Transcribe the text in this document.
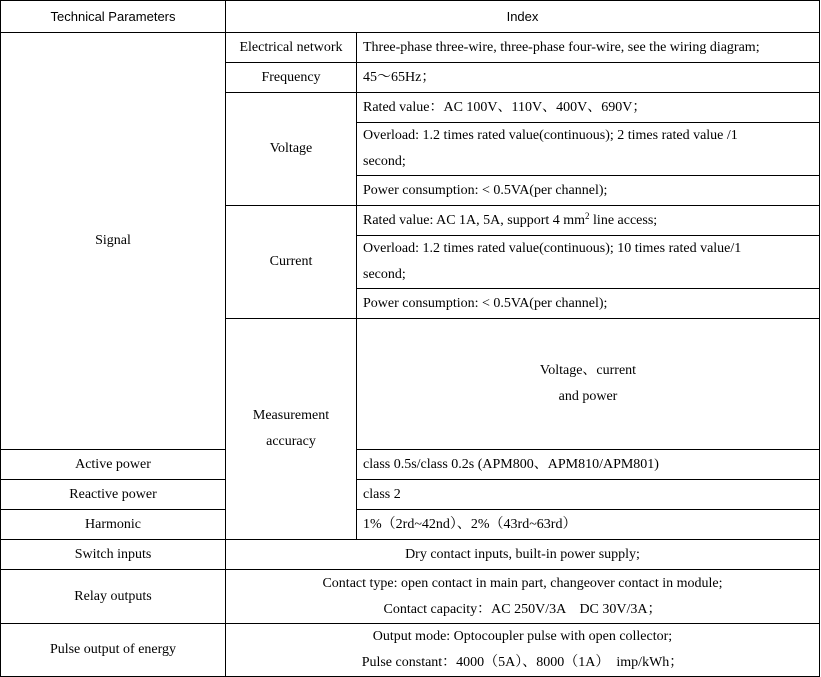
Technical Parameters	Index		
Signal	Electrical network	Three-phase three-wire, three-phase four-wire, see the wiring diagram;	
	Frequency	45～65Hz；	
	Voltage	Rated value：AC 100V、110V、400V、690V；	

		Overload: 1.2 times rated value(continuous); 2 times rated value /1
second;	

		Power consumption: < 0.5VA(per channel);	
	Current	Rated value: AC 1A, 5A, support 4 $mm^2$ line access;	

		Overload: 1.2 times rated value(continuous); 10 times rated value/1
second;	

		Power consumption: < 0.5VA(per channel);	
	Measurement accuracy	Voltage、current
and power

Active power		class 0.5s/class 0.2s (APM800、APM810/APM801)	
Reactive power		class 2	
Harmonic		1%（2rd~42nd）、2%（43rd~63rd）	
Switch inputs	Dry contact inputs, built-in power supply;		
Relay outputs	Contact type: open contact in main part, changeover contact in module;
Contact capacity：AC 250V/3A    DC 30V/3A；		

Pulse output of energy	Output mode: Optocoupler pulse with open collector;
Pulse constant：4000（5A）、8000（1A）  imp/kWh；		
